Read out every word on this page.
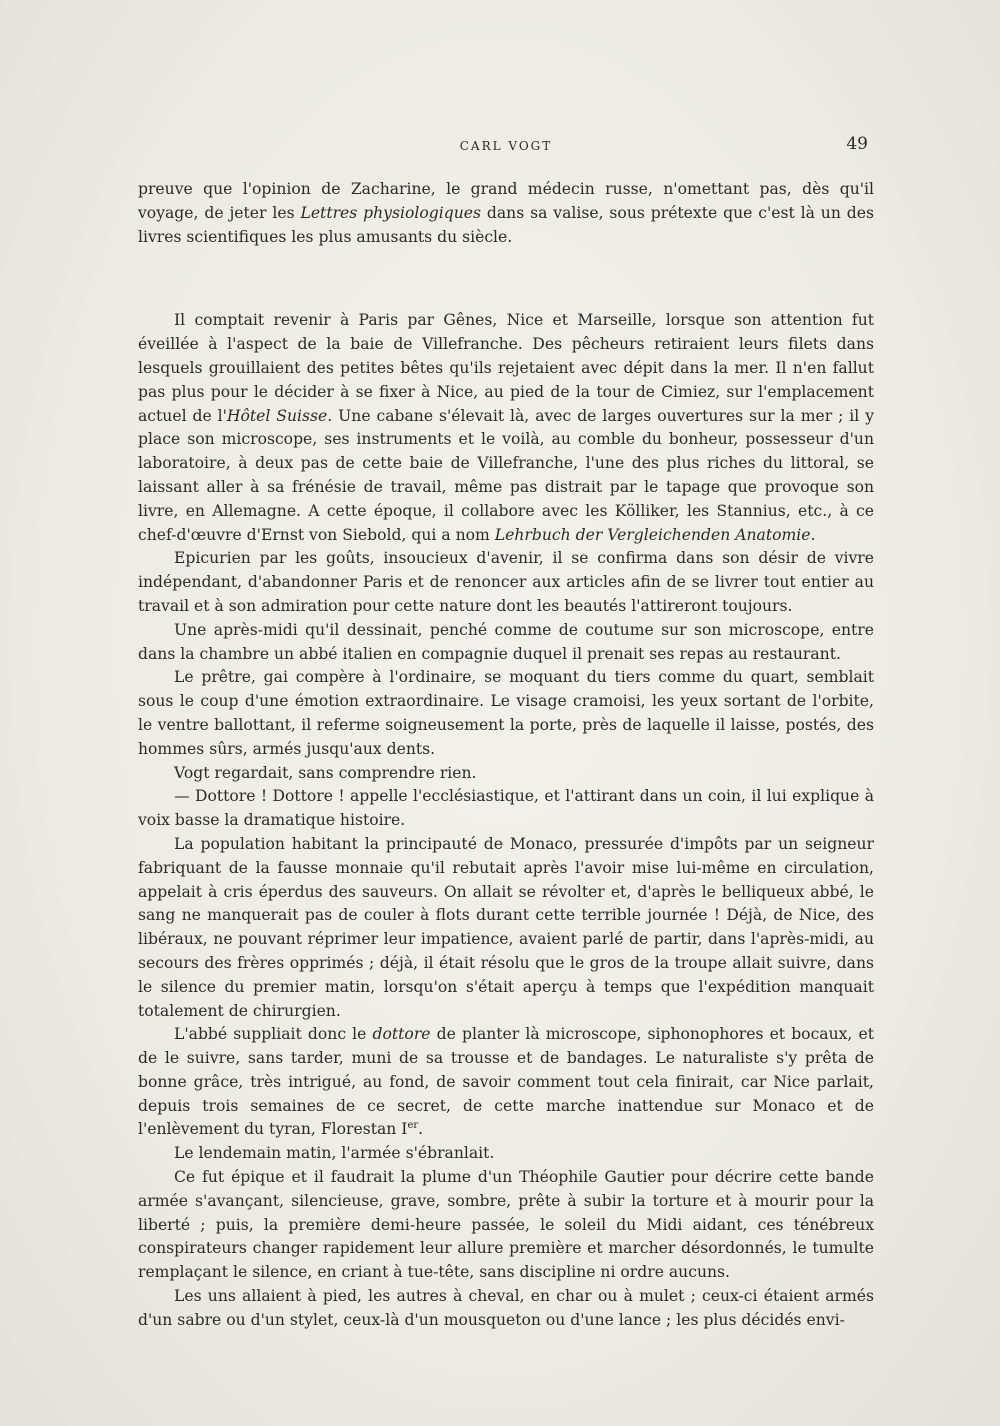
CARL VOGT	49

preuve que l'opinion de Zacharine, le grand médecin russe, n'omettant pas, dès qu'il voyage, de jeter les Lettres physiologiques dans sa valise, sous prétexte que c'est là un des livres scientifiques les plus amusants du siècle.

Il comptait revenir à Paris par Gênes, Nice et Marseille, lorsque son attention fut éveillée à l'aspect de la baie de Villefranche. Des pêcheurs retiraient leurs filets dans lesquels grouillaient des petites bêtes qu'ils rejetaient avec dépit dans la mer. Il n'en fallut pas plus pour le décider à se fixer à Nice, au pied de la tour de Cimiez, sur l'emplacement actuel de l'Hôtel Suisse. Une cabane s'élevait là, avec de larges ouvertures sur la mer ; il y place son microscope, ses instruments et le voilà, au comble du bonheur, possesseur d'un laboratoire, à deux pas de cette baie de Villefranche, l'une des plus riches du littoral, se laissant aller à sa frénésie de travail, même pas distrait par le tapage que provoque son livre, en Allemagne. A cette époque, il collabore avec les Kölliker, les Stannius, etc., à ce chef-d'œuvre d'Ernst von Siebold, qui a nom Lehrbuch der Vergleichenden Anatomie.

Epicurien par les goûts, insoucieux d'avenir, il se confirma dans son désir de vivre indépendant, d'abandonner Paris et de renoncer aux articles afin de se livrer tout entier au travail et à son admiration pour cette nature dont les beautés l'attireront toujours.

Une après-midi qu'il dessinait, penché comme de coutume sur son microscope, entre dans la chambre un abbé italien en compagnie duquel il prenait ses repas au restaurant.

Le prêtre, gai compère à l'ordinaire, se moquant du tiers comme du quart, semblait sous le coup d'une émotion extraordinaire. Le visage cramoisi, les yeux sortant de l'orbite, le ventre ballottant, il referme soigneusement la porte, près de laquelle il laisse, postés, des hommes sûrs, armés jusqu'aux dents.

Vogt regardait, sans comprendre rien.

— Dottore ! Dottore ! appelle l'ecclésiastique, et l'attirant dans un coin, il lui explique à voix basse la dramatique histoire.

La population habitant la principauté de Monaco, pressurée d'impôts par un seigneur fabriquant de la fausse monnaie qu'il rebutait après l'avoir mise lui-même en circulation, appelait à cris éperdus des sauveurs. On allait se révolter et, d'après le belliqueux abbé, le sang ne manquerait pas de couler à flots durant cette terrible journée ! Déjà, de Nice, des libéraux, ne pouvant réprimer leur impatience, avaient parlé de partir, dans l'après-midi, au secours des frères opprimés ; déjà, il était résolu que le gros de la troupe allait suivre, dans le silence du premier matin, lorsqu'on s'était aperçu à temps que l'expédition manquait totalement de chirurgien.

L'abbé suppliait donc le dottore de planter là microscope, siphonophores et bocaux, et de le suivre, sans tarder, muni de sa trousse et de bandages. Le naturaliste s'y prêta de bonne grâce, très intrigué, au fond, de savoir comment tout cela finirait, car Nice parlait, depuis trois semaines de ce secret, de cette marche inattendue sur Monaco et de l'enlèvement du tyran, Florestan Ier.

Le lendemain matin, l'armée s'ébranlait.

Ce fut épique et il faudrait la plume d'un Théophile Gautier pour décrire cette bande armée s'avançant, silencieuse, grave, sombre, prête à subir la torture et à mourir pour la liberté ; puis, la première demi-heure passée, le soleil du Midi aidant, ces ténébreux conspirateurs changer rapidement leur allure première et marcher désordonnés, le tumulte remplaçant le silence, en criant à tue-tête, sans discipline ni ordre aucuns.

Les uns allaient à pied, les autres à cheval, en char ou à mulet ; ceux-ci étaient armés d'un sabre ou d'un stylet, ceux-là d'un mousqueton ou d'une lance ; les plus décidés envi-
